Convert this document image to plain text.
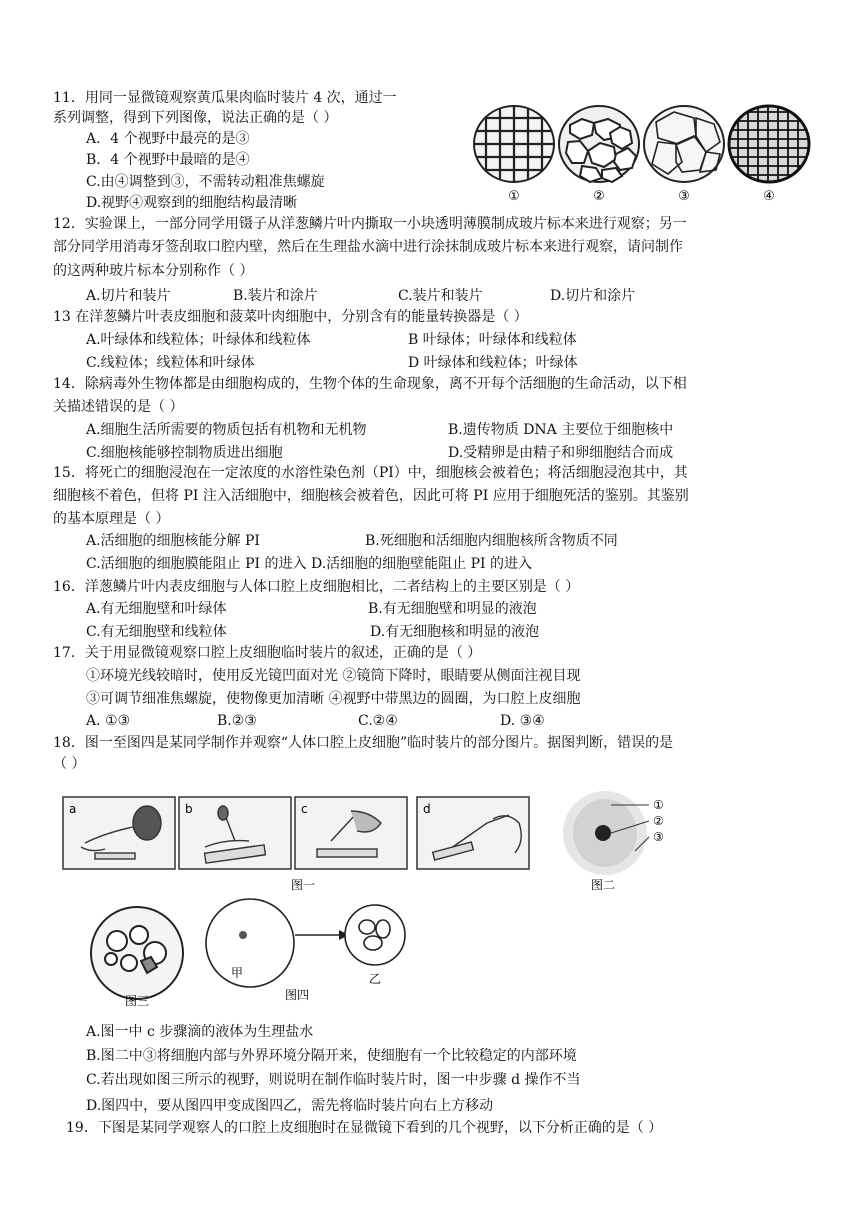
11．用同一显微镜观察黄瓜果肉临时装片 4 次，通过一
系列调整，得到下列图像，说法正确的是（ ）
A．4 个视野中最亮的是③
B．4 个视野中最暗的是④
C.由④调整到③，不需转动粗准焦螺旋
D.视野④观察到的细胞结构最清晰	①	②	③	④
12．实验课上，一部分同学用镊子从洋葱鳞片叶内撕取一小块透明薄膜制成玻片标本来进行观察；另一
部分同学用消毒牙签刮取口腔内壁，然后在生理盐水滴中进行涂抹制成玻片标本来进行观察，请问制作
的这两种玻片标本分别称作（ ）
A.切片和装片	B.装片和涂片	C.装片和装片	D.切片和涂片
13 在洋葱鳞片叶表皮细胞和菠菜叶肉细胞中，分别含有的能量转换器是（ ）
A.叶绿体和线粒体；叶绿体和线粒体	B 叶绿体；叶绿体和线粒体
C.线粒体；线粒体和叶绿体	D 叶绿体和线粒体；叶绿体
14．除病毒外生物体都是由细胞构成的，生物个体的生命现象，离不开每个活细胞的生命活动，以下相
关描述错误的是（ ）
A.细胞生活所需要的物质包括有机物和无机物	B.遗传物质 DNA 主要位于细胞核中
C.细胞核能够控制物质进出细胞	D.受精卵是由精子和卵细胞结合而成
15．将死亡的细胞浸泡在一定浓度的水溶性染色剂（PI）中，细胞核会被着色；将活细胞浸泡其中，其
细胞核不着色，但将 PI 注入活细胞中，细胞核会被着色，因此可将 PI 应用于细胞死活的鉴别。其鉴别
的基本原理是（ ）
A.活细胞的细胞核能分解 PI	B.死细胞和活细胞内细胞核所含物质不同
C.活细胞的细胞膜能阻止 PI 的进入 D.活细胞的细胞壁能阻止 PI 的进入
16．洋葱鳞片叶内表皮细胞与人体口腔上皮细胞相比，二者结构上的主要区别是（ ）
A.有无细胞壁和叶绿体	B.有无细胞壁和明显的液泡
C.有无细胞壁和线粒体	D.有无细胞核和明显的液泡
17．关于用显微镜观察口腔上皮细胞临时装片的叙述，正确的是（ ）
①环境光线较暗时，使用反光镜凹面对光 ②镜筒下降时，眼睛要从侧面注视目现
③可调节细准焦螺旋，使物像更加清晰 ④视野中带黑边的圆圈，为口腔上皮细胞
A. ①③	B.②③	C.②④	D. ③④
18．图一至图四是某同学制作并观察“人体口腔上皮细胞”临时装片的部分图片。据图判断，错误的是
（ ）
a	b	c	d
图一
①
②
③
图二
图三
甲
图四
乙
A.图一中 c 步骤滴的液体为生理盐水
B.图二中③将细胞内部与外界环境分隔开来，使细胞有一个比较稳定的内部环境
C.若出现如图三所示的视野，则说明在制作临时装片时，图一中步骤 d 操作不当
D.图四中，要从图四甲变成图四乙，需先将临时装片向右上方移动
19．下图是某同学观察人的口腔上皮细胞时在显微镜下看到的几个视野，以下分析正确的是（ ）
